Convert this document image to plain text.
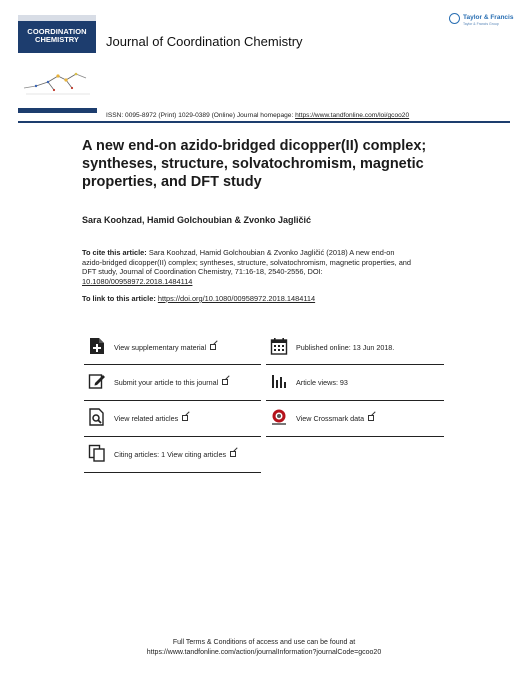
COORDINATION
CHEMISTRY	Journal of Coordination Chemistry
Taylor & Francis
Taylor & Francis Group
ISSN: 0095-8972 (Print) 1029-0389 (Online) Journal homepage: https://www.tandfonline.com/loi/gcoo20
A new end-on azido-bridged dicopper(II) complex; syntheses, structure, solvatochromism, magnetic properties, and DFT study
Sara Koohzad, Hamid Golchoubian & Zvonko Jagličić
To cite this article: Sara Koohzad, Hamid Golchoubian & Zvonko Jagličić (2018) A new end-on azido-bridged dicopper(II) complex; syntheses, structure, solvatochromism, magnetic properties, and DFT study, Journal of Coordination Chemistry, 71:16-18, 2540-2556, DOI: 10.1080/00958972.2018.1484114
To link to this article: https://doi.org/10.1080/00958972.2018.1484114
View supplementary material	Published online: 13 Jun 2018.
Submit your article to this journal	Article views: 93
View related articles	View Crossmark data
Citing articles: 1 View citing articles
Full Terms & Conditions of access and use can be found at
https://www.tandfonline.com/action/journalInformation?journalCode=gcoo20
